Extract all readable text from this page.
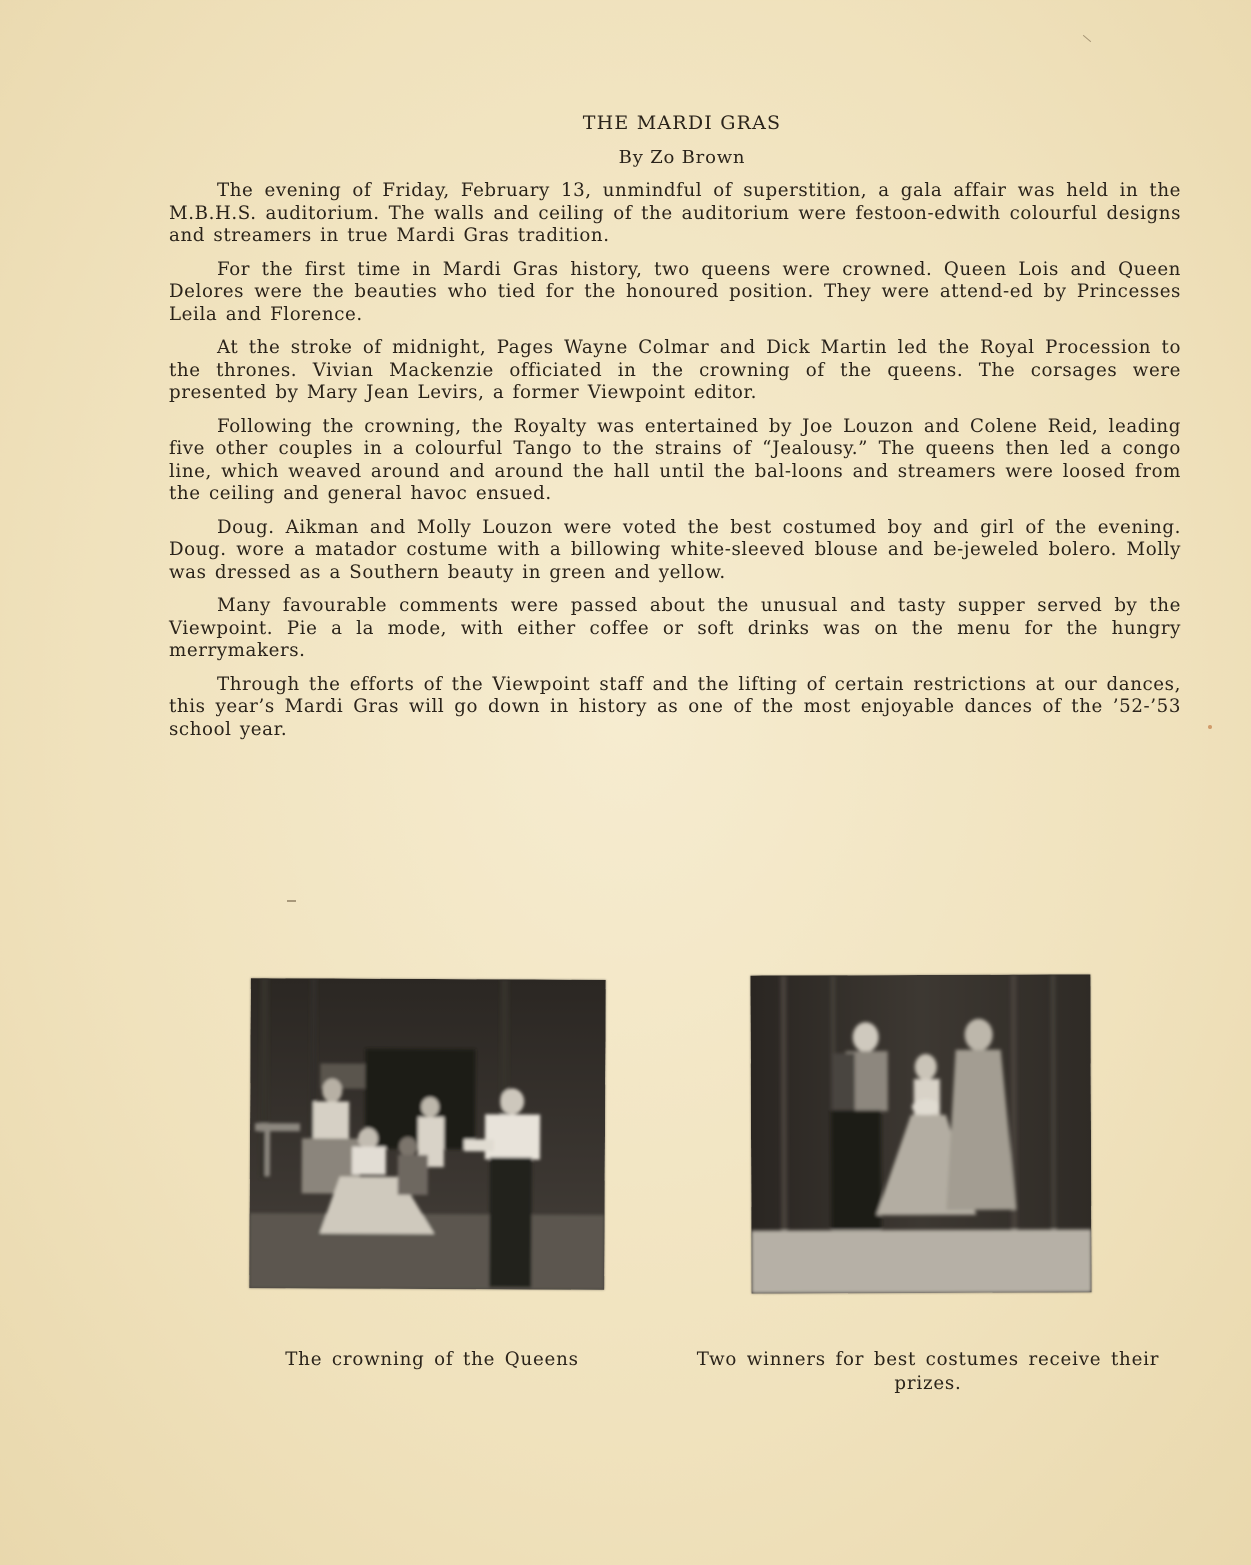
THE MARDI GRAS
By Zo Brown

The evening of Friday, February 13, unmindful of superstition, a gala affair was held in the M.B.H.S. auditorium. The walls and ceiling of the auditorium were festoon-edwith colourful designs and streamers in true Mardi Gras tradition.

For the first time in Mardi Gras history, two queens were crowned. Queen Lois and Queen Delores were the beauties who tied for the honoured position. They were attend-ed by Princesses Leila and Florence.

At the stroke of midnight, Pages Wayne Colmar and Dick Martin led the Royal Procession to the thrones. Vivian Mackenzie officiated in the crowning of the queens. The corsages were presented by Mary Jean Levirs, a former Viewpoint editor.

Following the crowning, the Royalty was entertained by Joe Louzon and Colene Reid, leading five other couples in a colourful Tango to the strains of “Jealousy.” The queens then led a congo line, which weaved around and around the hall until the bal-loons and streamers were loosed from the ceiling and general havoc ensued.

Doug. Aikman and Molly Louzon were voted the best costumed boy and girl of the evening. Doug. wore a matador costume with a billowing white-sleeved blouse and be-jeweled bolero. Molly was dressed as a Southern beauty in green and yellow.

Many favourable comments were passed about the unusual and tasty supper served by the Viewpoint. Pie a la mode, with either coffee or soft drinks was on the menu for the hungry merrymakers.

Through the efforts of the Viewpoint staff and the lifting of certain restrictions at our dances, this year’s Mardi Gras will go down in history as one of the most enjoyable dances of the ’52-’53 school year.

The crowning of the Queens	Two winners for best costumes receive their prizes.
